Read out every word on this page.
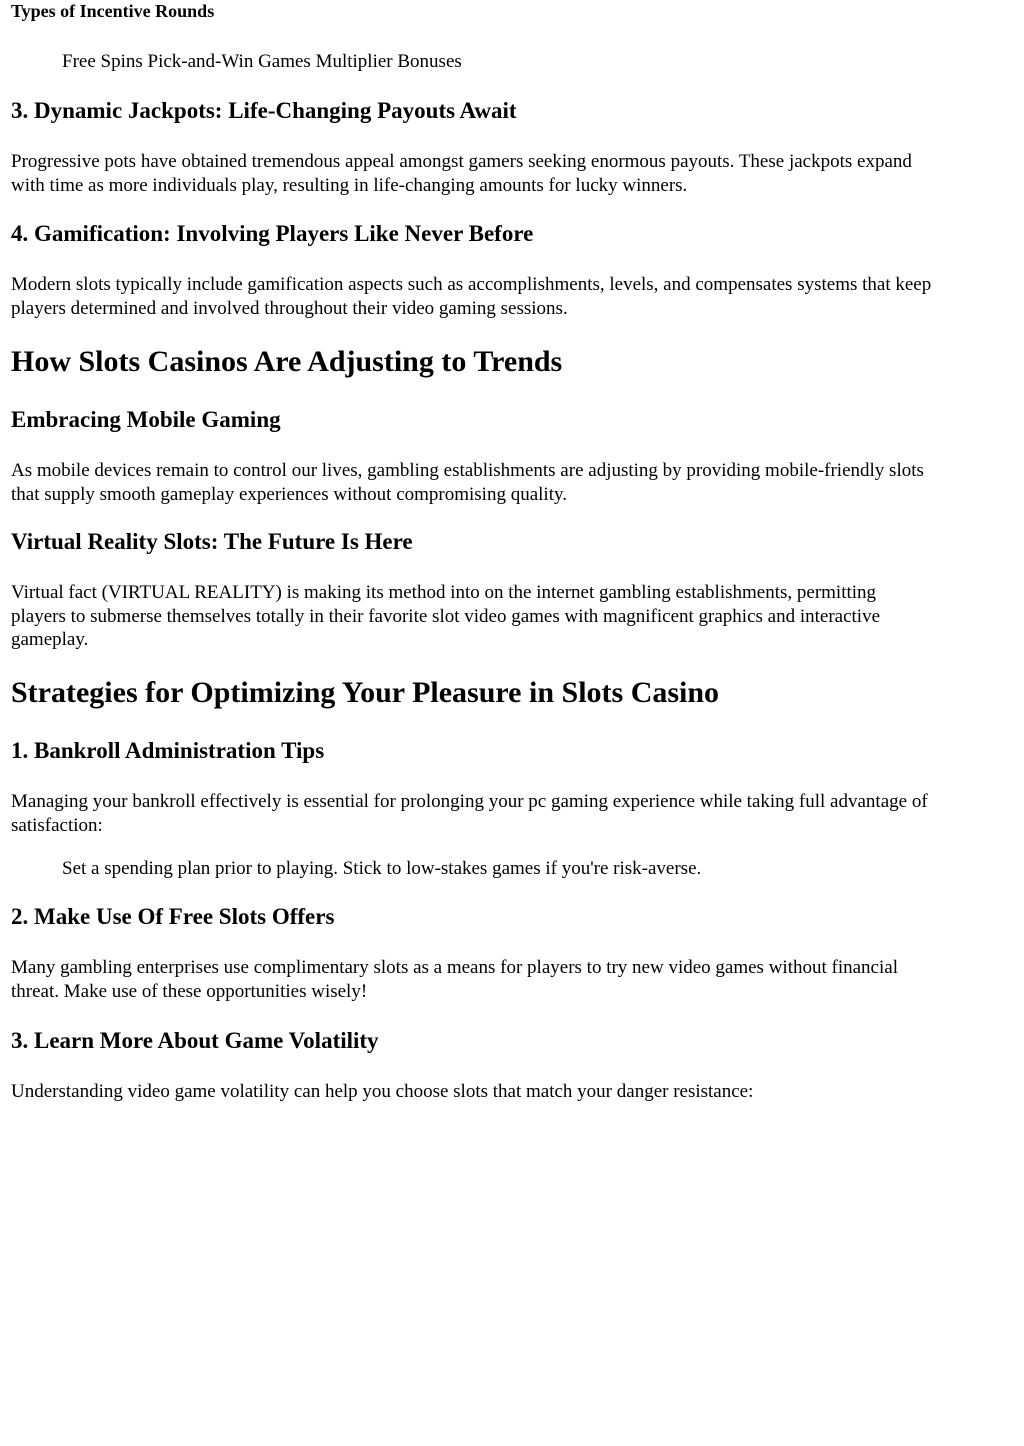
Types of Incentive Rounds
Free Spins Pick-and-Win Games Multiplier Bonuses
3. Dynamic Jackpots: Life-Changing Payouts Await
Progressive pots have obtained tremendous appeal amongst gamers seeking enormous payouts. These jackpots expand
with time as more individuals play, resulting in life-changing amounts for lucky winners.
4. Gamification: Involving Players Like Never Before
Modern slots typically include gamification aspects such as accomplishments, levels, and compensates systems that keep
players determined and involved throughout their video gaming sessions.
How Slots Casinos Are Adjusting to Trends
Embracing Mobile Gaming
As mobile devices remain to control our lives, gambling establishments are adjusting by providing mobile-friendly slots
that supply smooth gameplay experiences without compromising quality.
Virtual Reality Slots: The Future Is Here
Virtual fact (VIRTUAL REALITY) is making its method into on the internet gambling establishments, permitting
players to submerse themselves totally in their favorite slot video games with magnificent graphics and interactive
gameplay.
Strategies for Optimizing Your Pleasure in Slots Casino
1. Bankroll Administration Tips
Managing your bankroll effectively is essential for prolonging your pc gaming experience while taking full advantage of
satisfaction:
Set a spending plan prior to playing. Stick to low-stakes games if you're risk-averse.
2. Make Use Of Free Slots Offers
Many gambling enterprises use complimentary slots as a means for players to try new video games without financial
threat. Make use of these opportunities wisely!
3. Learn More About Game Volatility
Understanding video game volatility can help you choose slots that match your danger resistance:
